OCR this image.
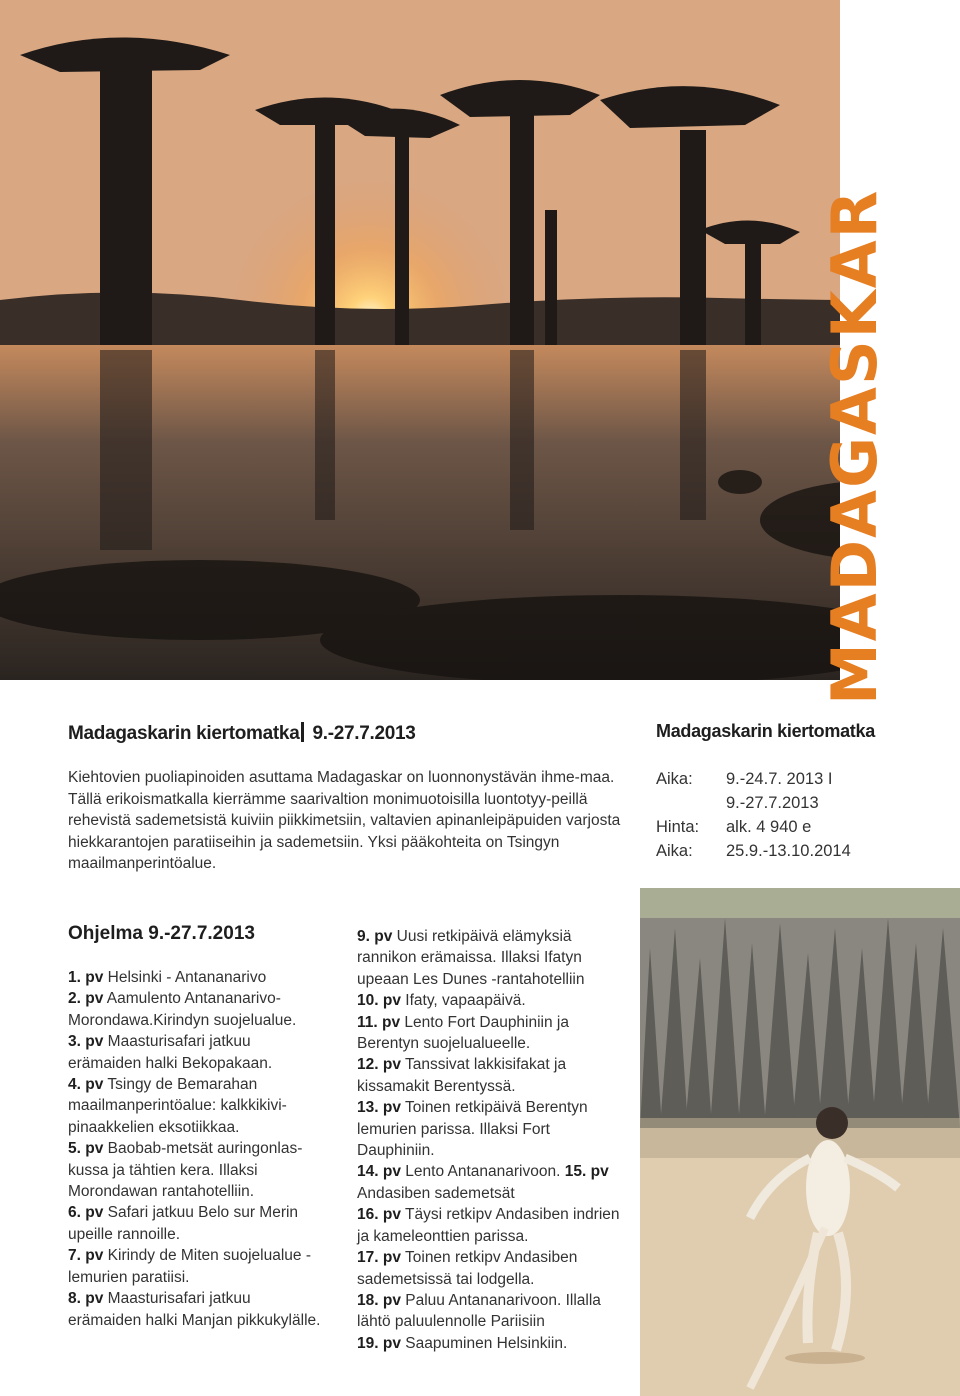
MADAGASKAR
Madagaskarin kiertomatka 9.-27.7.2013
Kiehtovien puoliapinoiden asuttama Madagaskar on luonnonystävän ihme-maa. Tällä erikoismatkalla kierrämme saarivaltion monimuotoisilla luontotyy-peillä rehevistä sademetsistä kuiviin piikkimetsiin, valtavien apinanleipäpuiden varjosta hiekkarantojen paratiiseihin ja sademetsiin. Yksi pääkohteita on Tsingyn maailmanperintöalue.
Madagaskarin kiertomatka
Aika:	9.-24.7. 2013 I
9.-27.7.2013
Hinta:	alk. 4 940 e
Aika:	25.9.-13.10.2014
Ohjelma 9.-27.7.2013

1. pv Helsinki - Antananarivo

2. pv Aamulento Antananarivo-Morondawa.Kirindyn suojelualue.

3. pv Maasturisafari jatkuu erämaiden halki Bekopakaan.

4. pv Tsingy de Bemarahan maailmanperintöalue: kalkkikivi-pinaakkelien eksotiikkaa.

5. pv Baobab-metsät auringonlas-kussa ja tähtien kera. Illaksi Morondawan rantahotelliin.

6. pv Safari jatkuu Belo sur Merin upeille rannoille.

7. pv Kirindy de Miten suojelualue - lemurien paratiisi.

8. pv Maasturisafari jatkuu erämaiden halki Manjan pikkukylälle.

9. pv Uusi retkipäivä elämyksiä rannikon erämaissa. Illaksi Ifatyn upeaan Les Dunes -rantahotelliin

10. pv Ifaty, vapaapäivä.

11. pv Lento Fort Dauphiniin ja Berentyn suojelualueelle.

12. pv Tanssivat lakkisifakat ja kissamakit Berentyssä.

13. pv Toinen retkipäivä Berentyn lemurien parissa. Illaksi Fort Dauphiniin.

14. pv Lento Antananarivoon. 15. pv Andasiben sademetsät

16. pv Täysi retkipv Andasiben indrien ja kameleonttien parissa.

17. pv Toinen retkipv Andasiben sademetsissä tai lodgella.

18. pv Paluu Antananarivoon. Illalla lähtö paluulennolle Pariisiin

19. pv Saapuminen Helsinkiin.
